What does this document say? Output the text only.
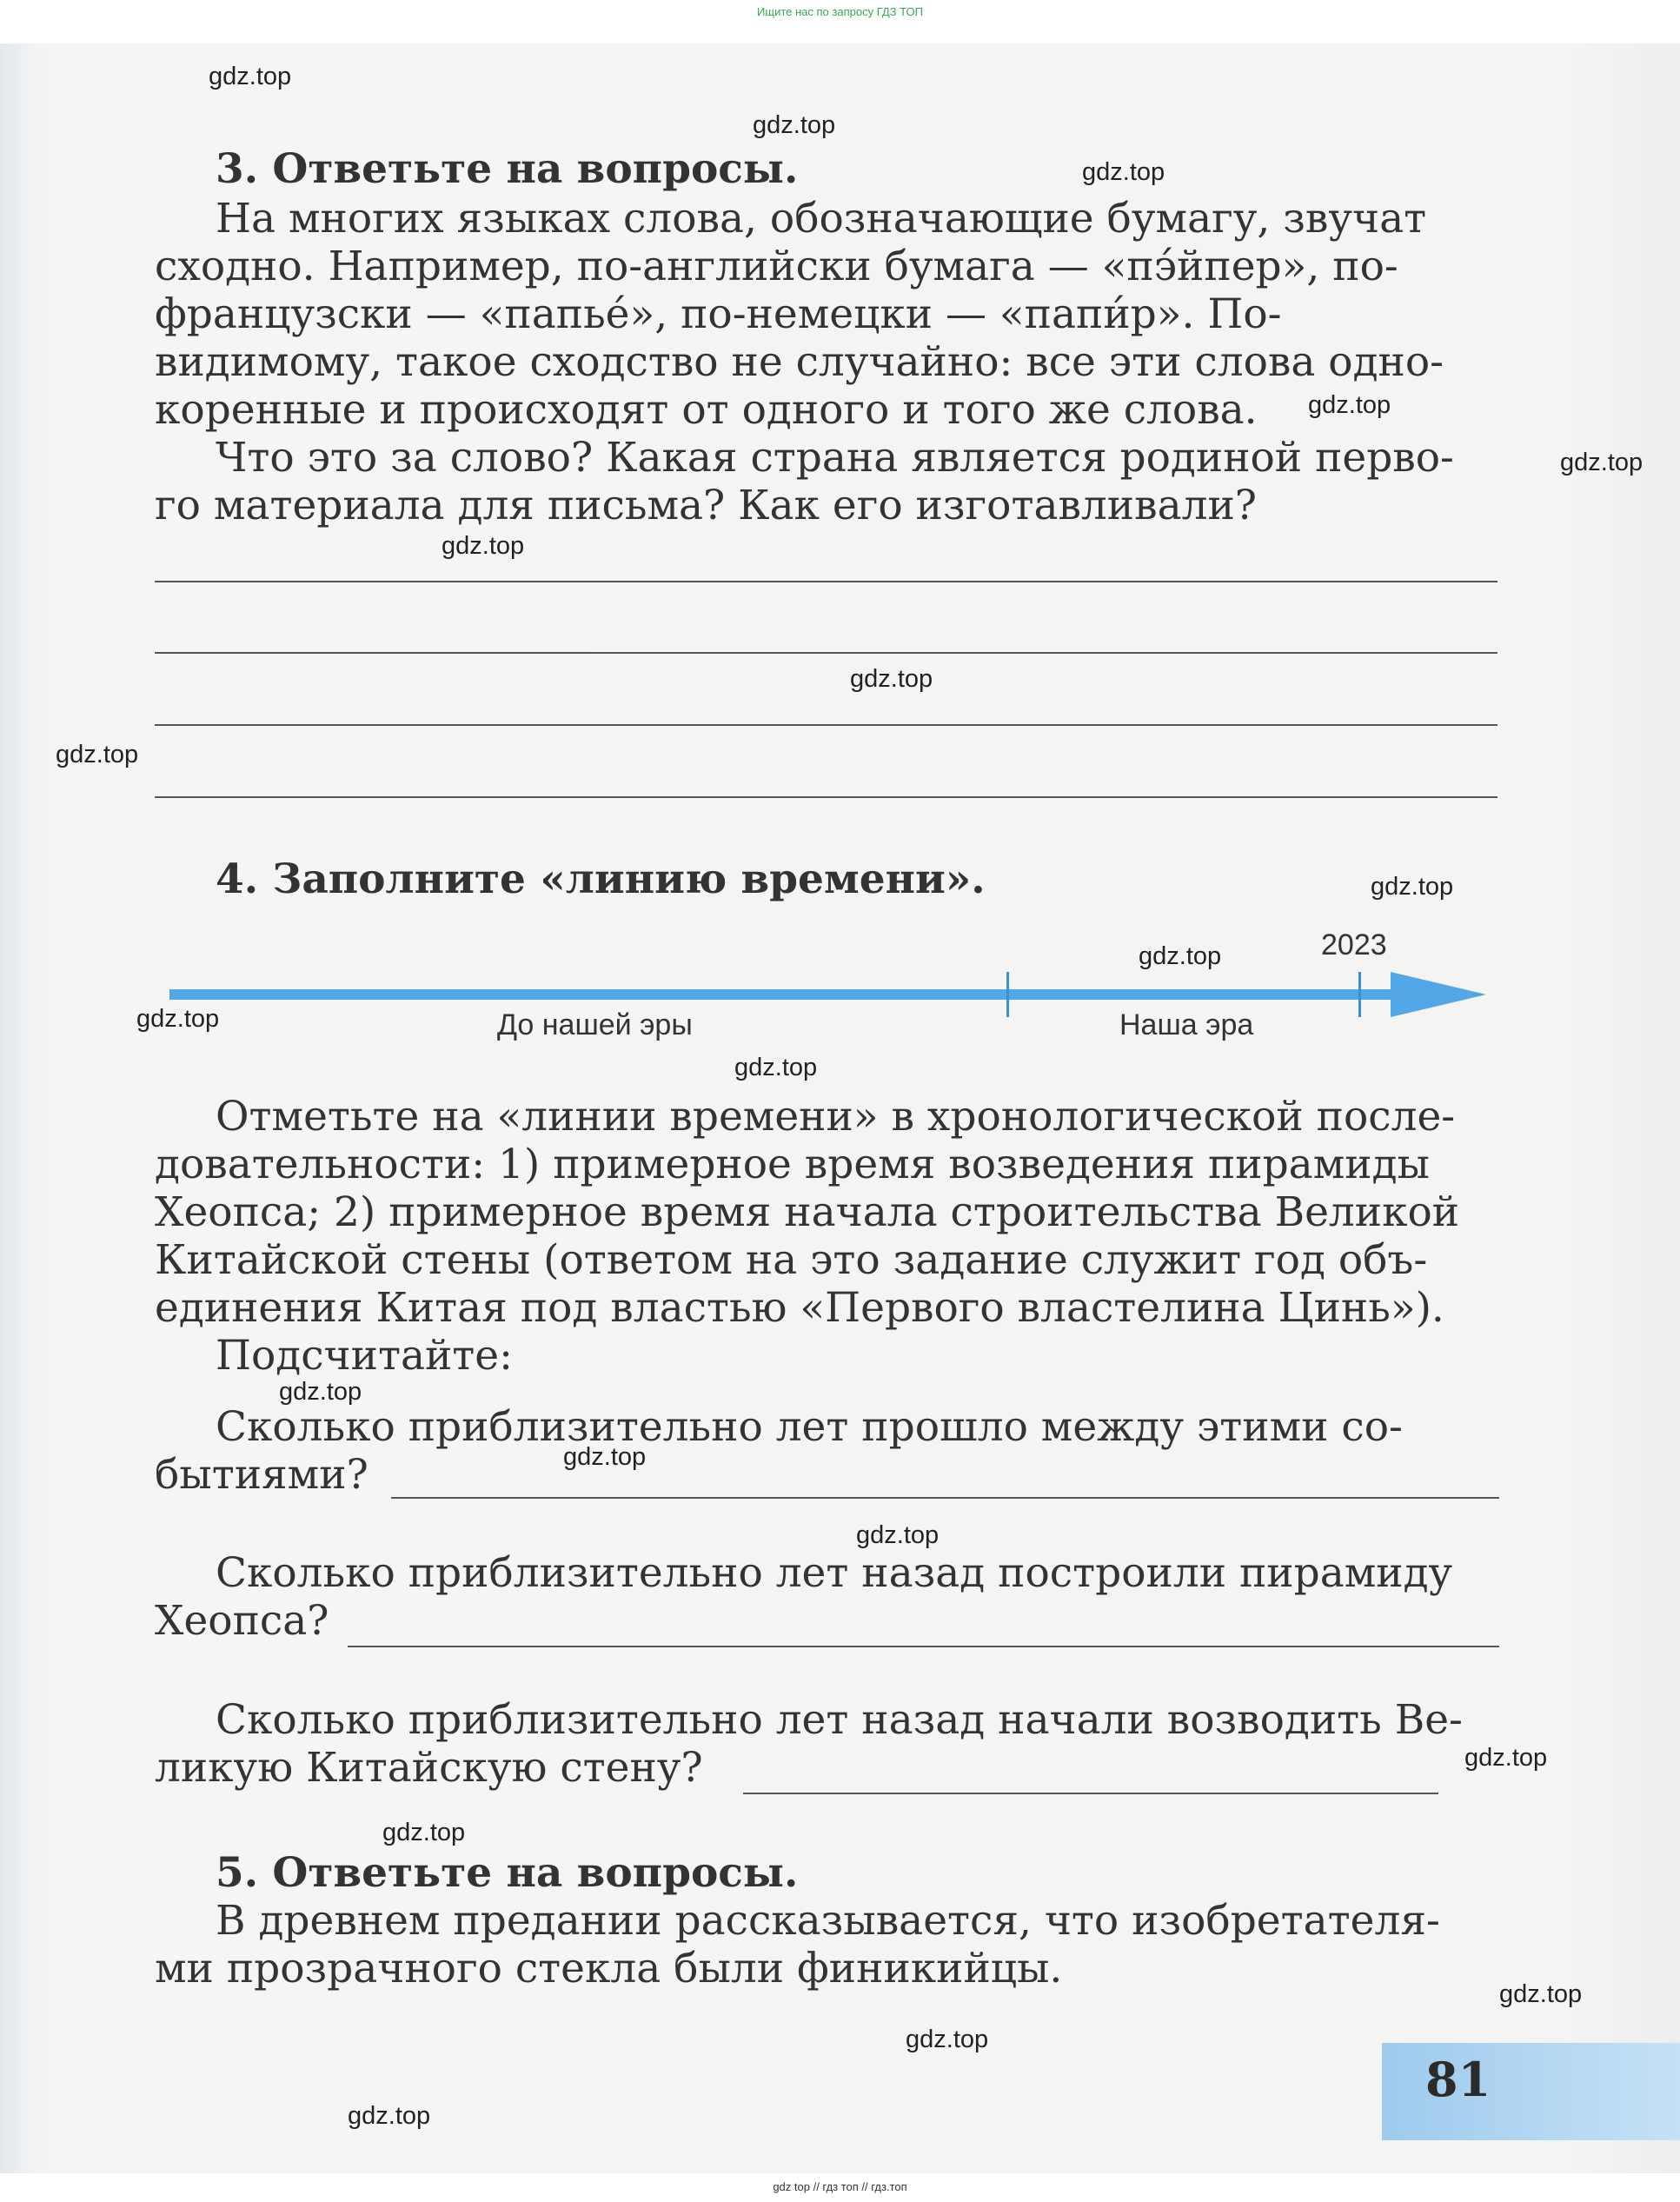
Ищите нас по запросу ГДЗ ТОП
3. Ответьте на вопросы.
На многих языках слова, обозначающие бумагу, звучат
сходно. Например, по-английски бумага — «пэ́йпер», по-
французски — «папье́», по-немецки — «папи́р». По-
видимому, такое сходство не случайно: все эти слова одно-
коренные и происходят от одного и того же слова.
Что это за слово? Какая страна является родиной перво-
го материала для письма? Как его изготавливали?
4. Заполните «линию времени».
2023
До нашей эры	Наша эра
Отметьте на «линии времени» в хронологической после-
довательности: 1) примерное время возведения пирамиды
Хеопса; 2) примерное время начала строительства Великой
Китайской стены (ответом на это задание служит год объ-
единения Китая под властью «Первого властелина Цинь»).
Подсчитайте:
Сколько приблизительно лет прошло между этими со-
бытиями?
Сколько приблизительно лет назад построили пирамиду
Хеопса?
Сколько приблизительно лет назад начали возводить Ве-
ликую Китайскую стену?
5. Ответьте на вопросы.
В древнем предании рассказывается, что изобретателя-
ми прозрачного стекла были финикийцы.
81
gdz.top
gdz.top
gdz.top
gdz.top
gdz.top
gdz.top
gdz.top
gdz.top
gdz.top
gdz.top
gdz.top
gdz.top
gdz.top
gdz.top
gdz.top
gdz.top
gdz.top
gdz.top
gdz.top
gdz.top
gdz top // гдз топ // гдз.топ
